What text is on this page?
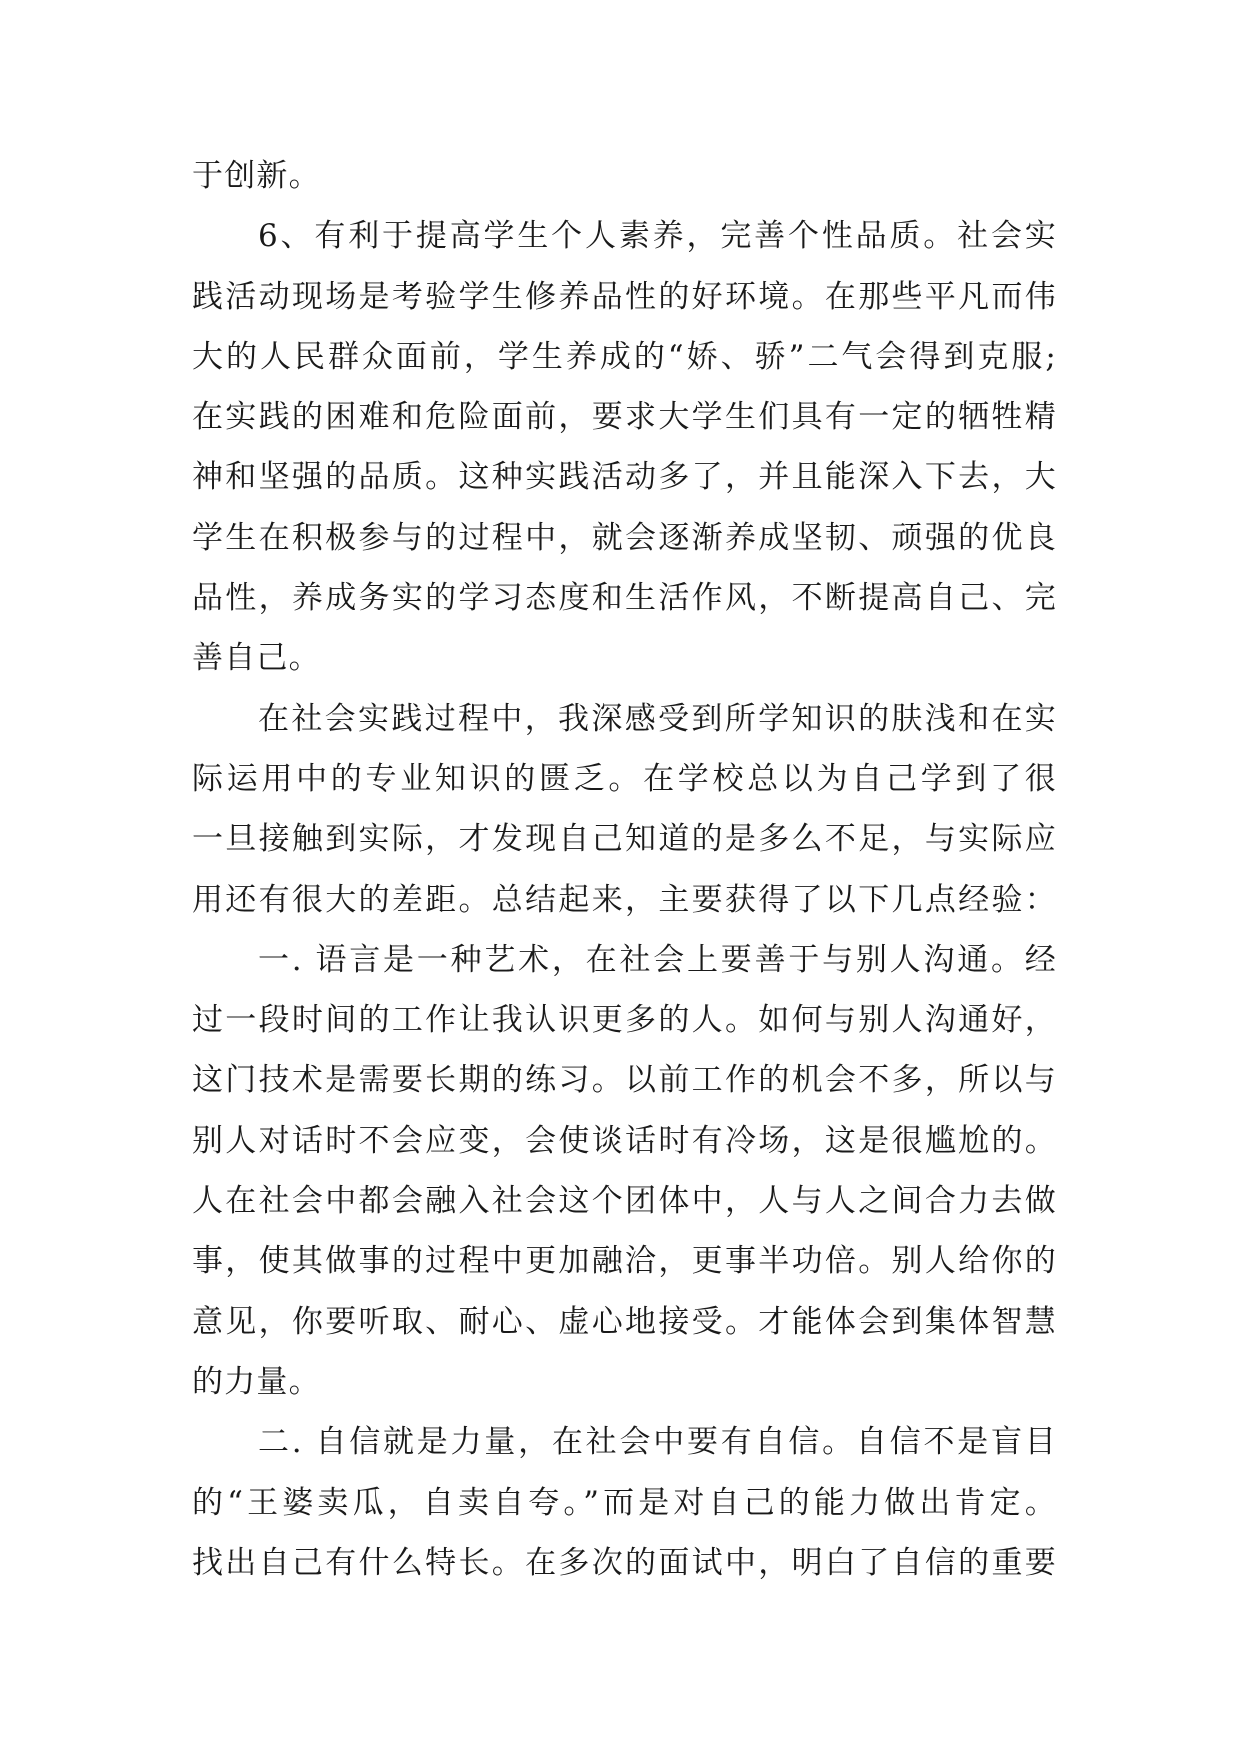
于创新。
6、有利于提高学生个人素养，完善个性品质。社会实
践活动现场是考验学生修养品性的好环境。在那些平凡而伟
大的人民群众面前，学生养成的“娇、骄”二气会得到克服;
在实践的困难和危险面前，要求大学生们具有一定的牺牲精
神和坚强的品质。这种实践活动多了，并且能深入下去，大
学生在积极参与的过程中，就会逐渐养成坚韧、顽强的优良
品性，养成务实的学习态度和生活作风，不断提高自己、完
善自己。
在社会实践过程中，我深感受到所学知识的肤浅和在实
际运用中的专业知识的匮乏。在学校总以为自己学到了很
一旦接触到实际，才发现自己知道的是多么不足，与实际应
用还有很大的差距。总结起来，主要获得了以下几点经验：
一. 语言是一种艺术，在社会上要善于与别人沟通。经
过一段时间的工作让我认识更多的人。如何与别人沟通好，
这门技术是需要长期的练习。以前工作的机会不多，所以与
别人对话时不会应变，会使谈话时有冷场，这是很尴尬的。
人在社会中都会融入社会这个团体中，人与人之间合力去做
事，使其做事的过程中更加融洽，更事半功倍。别人给你的
意见，你要听取、耐心、虚心地接受。才能体会到集体智慧
的力量。
二. 自信就是力量，在社会中要有自信。自信不是盲目
的“王婆卖瓜，自卖自夸。”而是对自己的能力做出肯定。
找出自己有什么特长。在多次的面试中，明白了自信的重要
